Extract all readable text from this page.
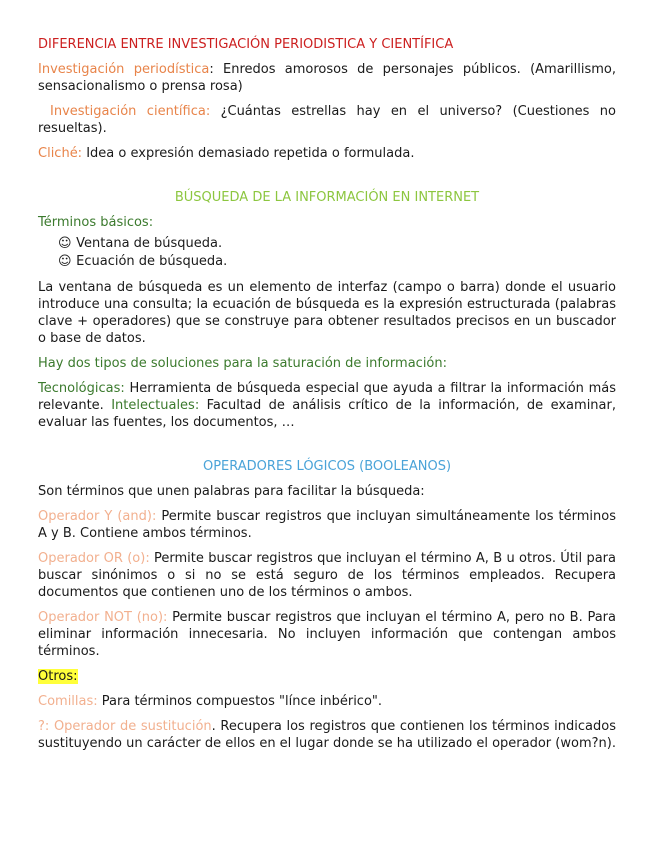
DIFERENCIA ENTRE INVESTIGACIÓN PERIODISTICA Y CIENTÍFICA

Investigación periodística: Enredos amorosos de personajes públicos. (Amarillismo, sensacionalismo o prensa rosa)

Investigación científica: ¿Cuántas estrellas hay en el universo? (Cuestiones no resueltas).

Cliché: Idea o expresión demasiado repetida o formulada.

BÚSQUEDA DE LA INFORMACIÓN EN INTERNET

Términos básicos:

☺ Ventana de búsqueda.
☺ Ecuación de búsqueda.

La ventana de búsqueda es un elemento de interfaz (campo o barra) donde el usuario introduce una consulta; la ecuación de búsqueda es la expresión estructurada (palabras clave + operadores) que se construye para obtener resultados precisos en un buscador o base de datos.

Hay dos tipos de soluciones para la saturación de información:

Tecnológicas: Herramienta de búsqueda especial que ayuda a filtrar la información más relevante. Intelectuales: Facultad de análisis crítico de la información, de examinar, evaluar las fuentes, los documentos, …

OPERADORES LÓGICOS (BOOLEANOS)

Son términos que unen palabras para facilitar la búsqueda:

Operador Y (and): Permite buscar registros que incluyan simultáneamente los términos A y B. Contiene ambos términos.

Operador OR (o): Permite buscar registros que incluyan el término A, B u otros. Útil para buscar sinónimos o si no se está seguro de los términos empleados. Recupera documentos que contienen uno de los términos o ambos.

Operador NOT (no): Permite buscar registros que incluyan el término A, pero no B. Para eliminar información innecesaria. No incluyen información que contengan ambos términos.

Otros:

Comillas: Para términos compuestos "línce inbérico".

?: Operador de sustitución. Recupera los registros que contienen los términos indicados sustituyendo un carácter de ellos en el lugar donde se ha utilizado el operador (wom?n).
